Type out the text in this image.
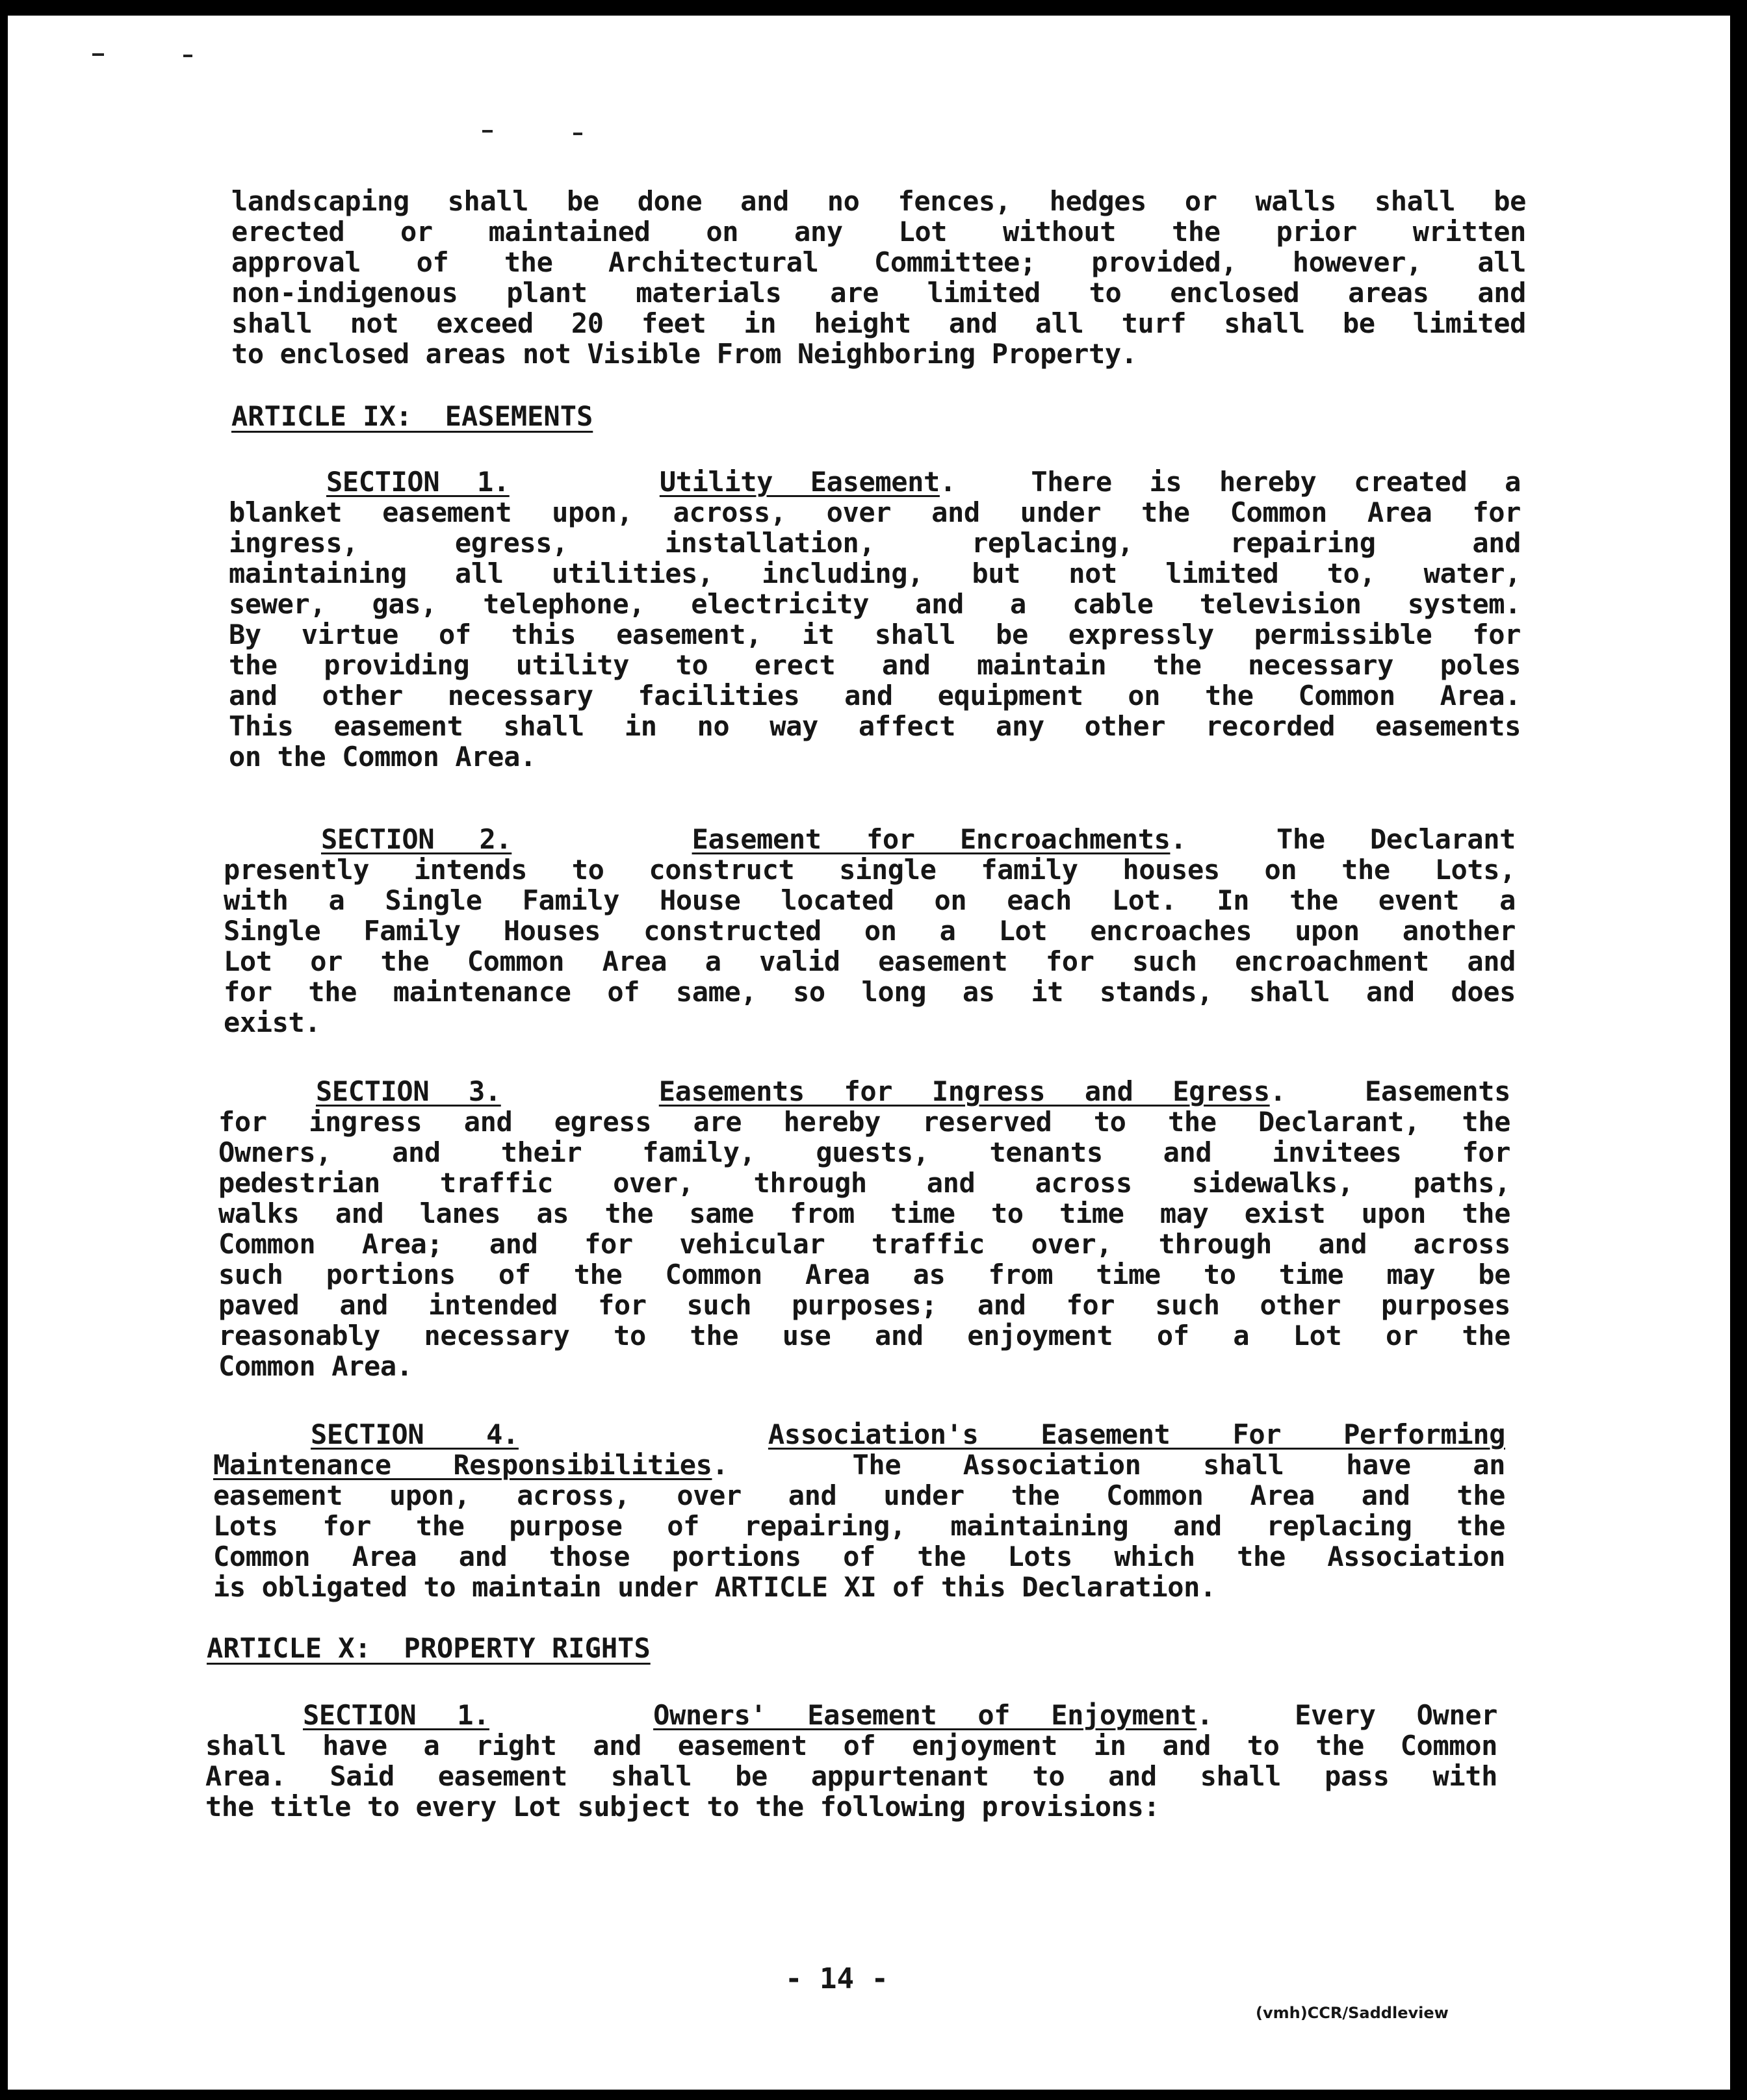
landscaping shall be done and no fences, hedges or walls shall be
erected or maintained on any Lot without the prior written
approval of the Architectural Committee; provided, however, all
non-indigenous plant materials are limited to enclosed areas and
shall not exceed 20 feet in height and all turf shall be limited
to enclosed areas not Visible From Neighboring Property.
ARTICLE IX:  EASEMENTS
SECTION 1.	Utility Easement.  There is hereby created a
blanket easement upon, across, over and under the Common Area for
ingress, egress, installation, replacing, repairing and
maintaining all utilities, including, but not limited to, water,
sewer, gas, telephone, electricity and a cable television system.
By virtue of this easement, it shall be expressly permissible for
the providing utility to erect and maintain the necessary poles
and other necessary facilities and equipment on the Common Area.
This easement shall in no way affect any other recorded easements
on the Common Area.
SECTION 2.	Easement for Encroachments.  The Declarant
presently intends to construct single family houses on the Lots,
with a Single Family House located on each Lot. In the event a
Single Family Houses constructed on a Lot encroaches upon another
Lot or the Common Area a valid easement for such encroachment and
for the maintenance of same, so long as it stands, shall and does
exist.
SECTION 3.	Easements for Ingress and Egress.  Easements
for ingress and egress are hereby reserved to the Declarant, the
Owners, and their family, guests, tenants and invitees for
pedestrian traffic over, through and across sidewalks, paths,
walks and lanes as the same from time to time may exist upon the
Common Area; and for vehicular traffic over, through and across
such portions of the Common Area as from time to time may be
paved and intended for such purposes; and for such other purposes
reasonably necessary to the use and enjoyment of a Lot or the
Common Area.
SECTION 4.	Association's Easement For Performing
Maintenance Responsibilities.  The Association shall have an
easement upon, across, over and under the Common Area and the
Lots for the purpose of repairing, maintaining and replacing the
Common Area and those portions of the Lots which the Association
is obligated to maintain under ARTICLE XI of this Declaration.
ARTICLE X:  PROPERTY RIGHTS
SECTION 1.	Owners' Easement of Enjoyment.  Every Owner
shall have a right and easement of enjoyment in and to the Common
Area. Said easement shall be appurtenant to and shall pass with
the title to every Lot subject to the following provisions:
- 14 -
(vmh)CCR/Saddleview
